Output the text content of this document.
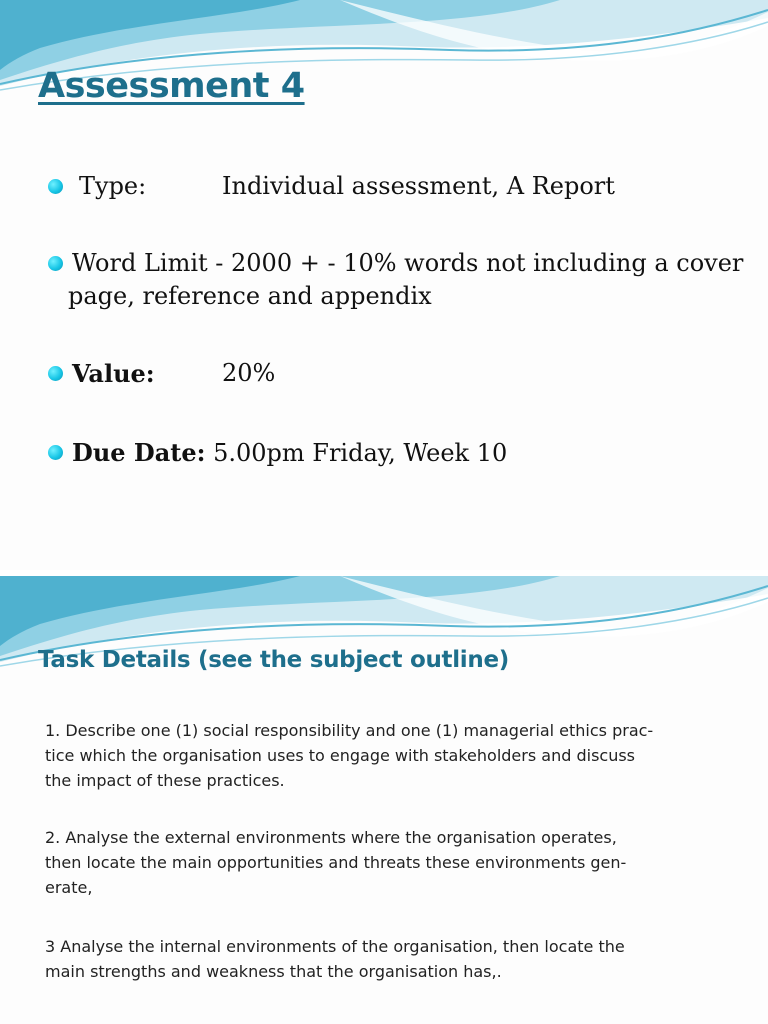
Assessment 4
Type:	Individual assessment, A Report
Word Limit - 2000 + - 10% words not including a cover
page, reference and appendix
Value:	20%
Due Date: 5.00pm Friday, Week 10
Task Details (see the subject outline)
1. Describe one (1) social responsibility and one (1) managerial ethics prac-
tice which the organisation uses to engage with stakeholders and discuss
the impact of these practices.
2. Analyse the external environments where the organisation operates,
then locate the main opportunities and threats these environments gen-
erate,
3 Analyse the internal environments of the organisation, then locate the
main strengths and weakness that the organisation has,.
